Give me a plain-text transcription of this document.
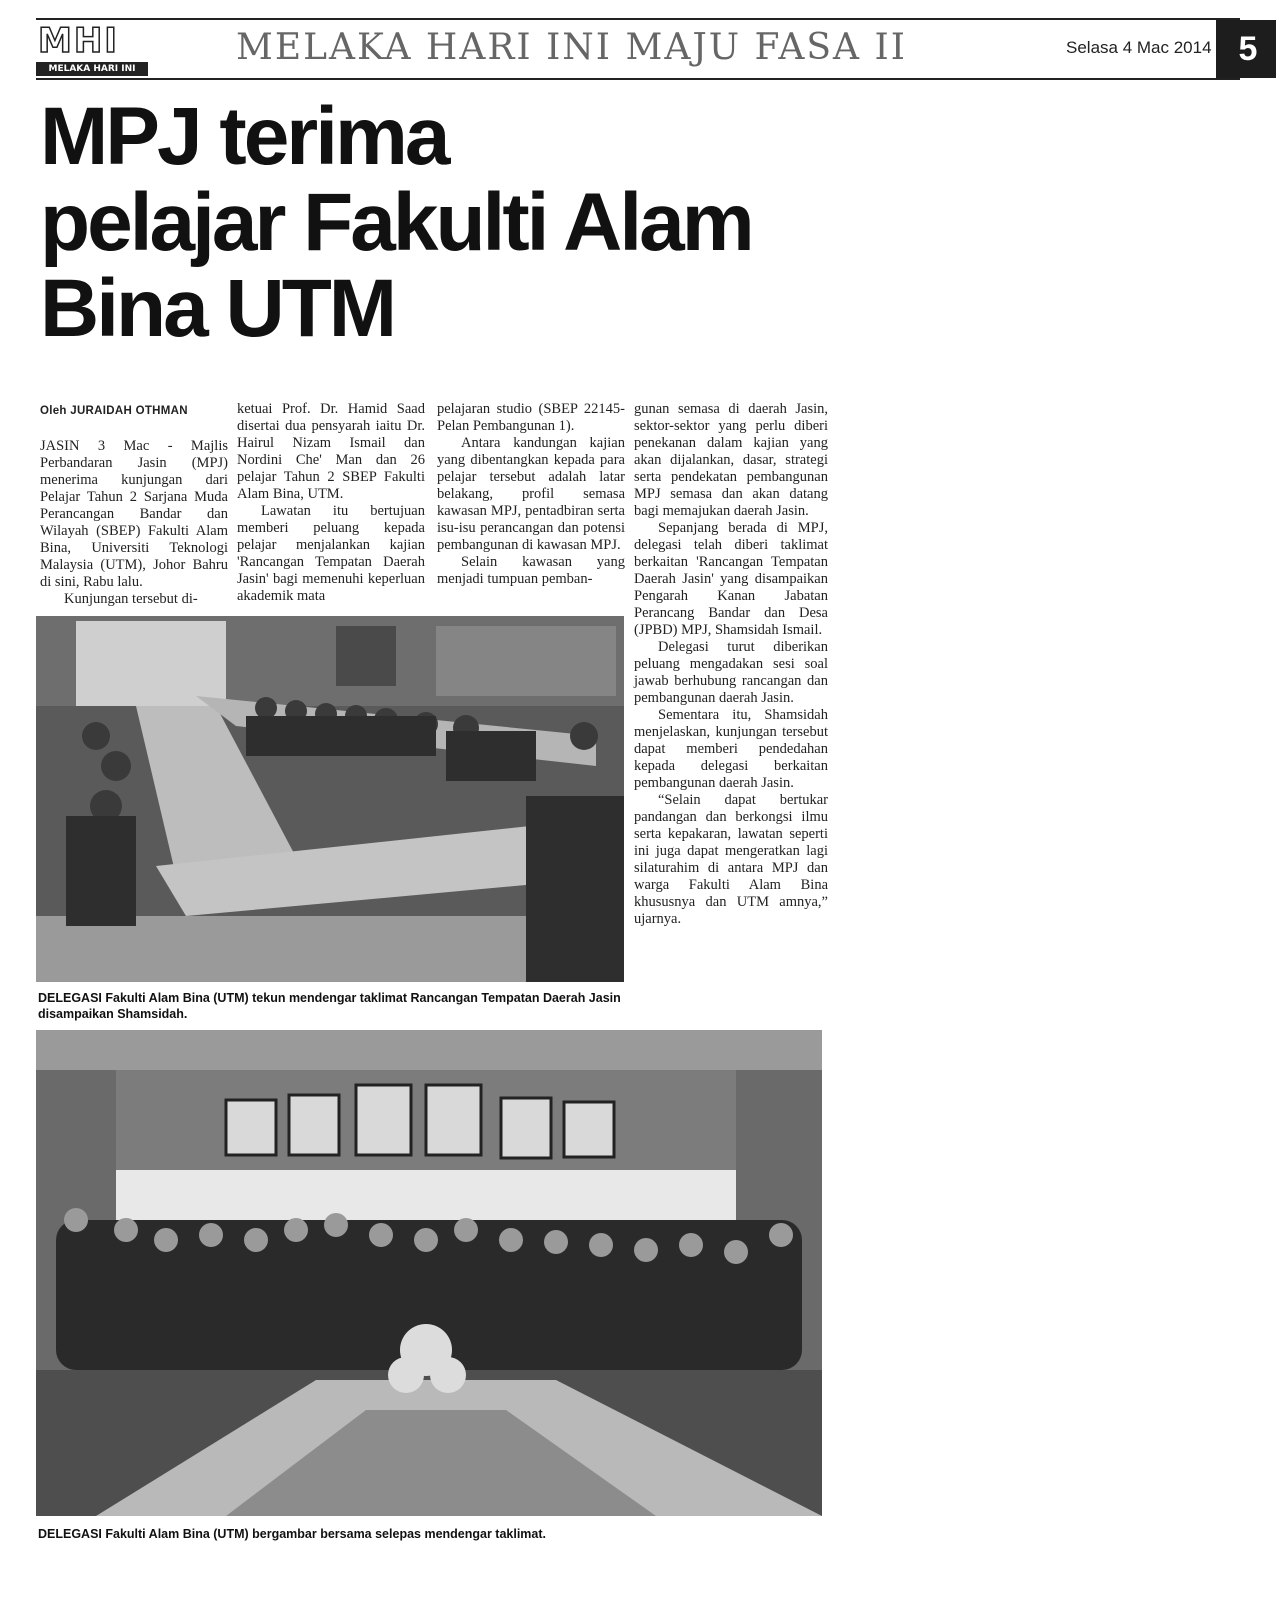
MHI
MELAKA HARI INI
MELAKA HARI INI MAJU FASA II	Selasa 4 Mac 2014 5
MPJ terima
pelajar Fakulti Alam
Bina UTM
Oleh JURAIDAH OTHMAN

JASIN 3 Mac - Majlis Perbandaran Jasin (MPJ) menerima kunjungan dari Pelajar Tahun 2 Sarjana Muda Perancangan Bandar dan Wilayah (SBEP) Fakulti Alam Bina, Universiti Teknologi Malaysia (UTM), Johor Bahru di sini, Rabu lalu.

Kunjungan tersebut di-

ketuai Prof. Dr. Hamid Saad disertai dua pensyarah iaitu Dr. Hairul Nizam Ismail dan Nordini Che' Man dan 26 pelajar Tahun 2 SBEP Fakulti Alam Bina, UTM.

Lawatan itu bertujuan memberi peluang kepada pelajar menjalankan kajian 'Rancangan Tempatan Daerah Jasin' bagi memenuhi keperluan akademik mata

pelajaran studio (SBEP 22145-Pelan Pembangunan 1).

Antara kandungan kajian yang dibentangkan kepada para pelajar tersebut adalah latar belakang, profil semasa kawasan MPJ, pentadbiran serta isu-isu perancangan dan potensi pembangunan di kawasan MPJ.

Selain kawasan yang menjadi tumpuan pemban-

gunan semasa di daerah Jasin, sektor-sektor yang perlu diberi penekanan dalam kajian yang akan dijalankan, dasar, strategi serta pendekatan pembangunan MPJ semasa dan akan datang bagi memajukan daerah Jasin.

Sepanjang berada di MPJ, delegasi telah diberi taklimat berkaitan 'Rancangan Tempatan Daerah Jasin' yang disampaikan Pengarah Kanan Jabatan Perancang Bandar dan Desa (JPBD) MPJ, Shamsidah Ismail.

Delegasi turut diberikan peluang mengadakan sesi soal jawab berhubung rancangan dan pembangunan daerah Jasin.

Sementara itu, Shamsidah menjelaskan, kunjungan tersebut dapat memberi pendedahan kepada delegasi berkaitan pembangunan daerah Jasin.

“Selain dapat bertukar pandangan dan berkongsi ilmu serta kepakaran, lawatan seperti ini juga dapat mengeratkan lagi silaturahim di antara MPJ dan warga Fakulti Alam Bina khususnya dan UTM amnya,” ujarnya.

DELEGASI Fakulti Alam Bina (UTM) tekun mendengar taklimat Rancangan Tempatan Daerah Jasin disampaikan Shamsidah.
DELEGASI Fakulti Alam Bina (UTM) bergambar bersama selepas mendengar taklimat.
